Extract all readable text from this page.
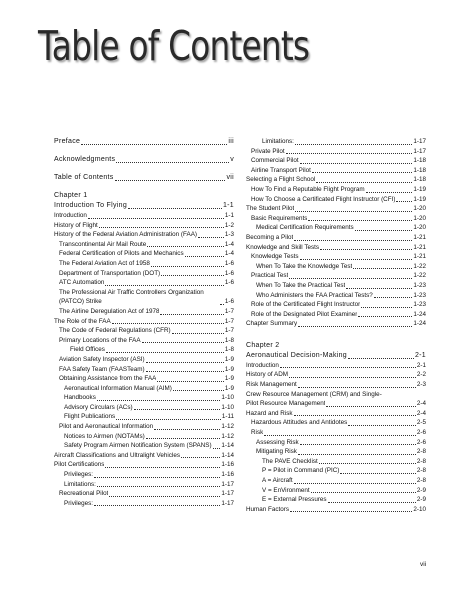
Table of Contents
Preface	iii
Acknowledgments	v
Table of Contents	vii
Chapter 1
Introduction To Flying	1-1
Introduction	1-1
History of Flight	1-2
History of the Federal Aviation Administration (FAA)	1-3
Transcontinental Air Mail Route	1-4
Federal Certification of Pilots and Mechanics	1-4
The Federal Aviation Act of 1958	1-6
Department of Transportation (DOT)	1-6
ATC Automation	1-6
The Professional Air Traffic Controllers Organization (PATCO) Strike	1-6
The Airline Deregulation Act of 1978	1-7
The Role of the FAA	1-7
The Code of Federal Regulations (CFR)	1-7
Primary Locations of the FAA	1-8
Field Offices	1-8
Aviation Safety Inspector (ASI)	1-9
FAA Safety Team (FAASTeam)	1-9
Obtaining Assistance from the FAA	1-9
Aeronautical Information Manual (AIM)	1-9
Handbooks	1-10
Advisory Circulars (ACs)	1-10
Flight Publications	1-11
Pilot and Aeronautical Information	1-12
Notices to Airmen (NOTAMs)	1-12
Safety Program Airmen Notification System (SPANS) 1-14
Aircraft Classifications and Ultralight Vehicles	1-14
Pilot Certifications	1-16
Privileges:	1-16
Limitations:	1-17
Recreational Pilot	1-17
Privileges:	1-17
Limitations:	1-17
Private Pilot	1-17
Commercial Pilot	1-18
Airline Transport Pilot	1-18
Selecting a Flight School	1-18
How To Find a Reputable Flight Program	1-19
How To Choose a Certificated Flight Instructor (CFI)	1-19
The Student Pilot	1-20
Basic Requirements	1-20
Medical Certification Requirements	1-20
Becoming a Pilot	1-21
Knowledge and Skill Tests	1-21
Knowledge Tests	1-21
When To Take the Knowledge Test	1-22
Practical Test	1-22
When To Take the Practical Test	1-23
Who Administers the FAA Practical Tests?	1-23
Role of the Certificated Flight Instructor	1-23
Role of the Designated Pilot Examiner	1-24
Chapter Summary	1-24
Chapter 2
Aeronautical Decision-Making	2-1
Introduction	2-1
History of ADM	2-2
Risk Management	2-3
Crew Resource Management (CRM) and Single-
Pilot Resource Management	2-4
Hazard and Risk	2-4
Hazardous Attitudes and Antidotes	2-5
Risk	2-6
Assessing Risk	2-6
Mitigating Risk	2-8
The PAVE Checklist	2-8
P = Pilot in Command (PIC)	2-8
A = Aircraft	2-8
V = EnVironment	2-9
E = External Pressures	2-9
Human Factors	2-10
vii
